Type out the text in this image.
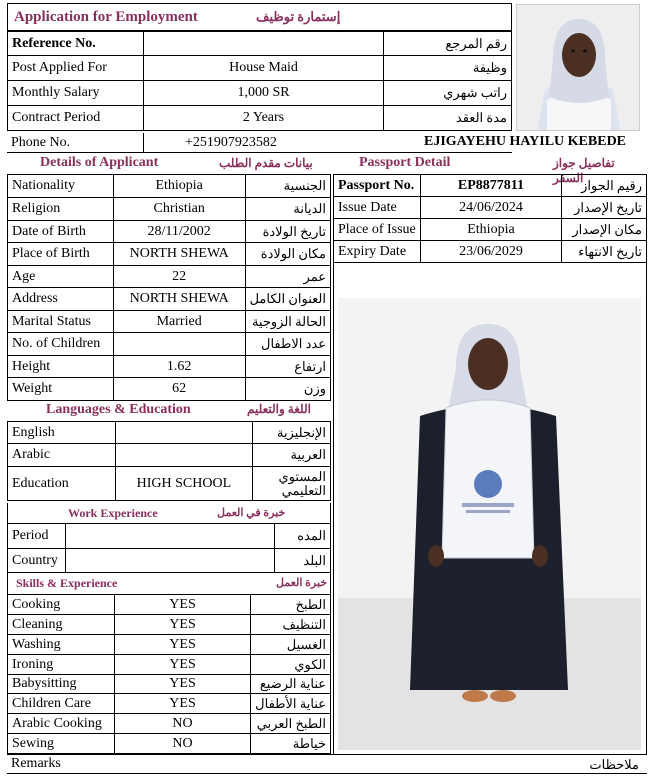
Application for Employment	إستمارة توظيف
Reference No.		رقم المرجع
Post Applied For	House Maid	وظيفة
Monthly Salary	1,000 SR	راتب شهري
Contract Period	2 Years	مدة العقد
Phone No.	+251907923582	EJIGAYEHU HAYILU KEBEDE
Details of Applicant	بيانات مقدم الطلب
Nationality	Ethiopia	الجنسية
Religion	Christian	الديانة
Date of Birth	28/11/2002	تاريخ الولادة
Place of Birth	NORTH SHEWA	مكان الولادة
Age	22	عمر
Address	NORTH SHEWA	العنوان الكامل
Marital Status	Married	الحالة الزوجية
No. of Children		عدد الاطفال
Height	1.62	ارتفاع
Weight	62	وزن
Languages & Education	اللغة والتعليم
English		الإنجليزية
Arabic		العربية
Education	HIGH SCHOOL	المستوي التعليمي
Work Experience	خبرة في العمل
Period		المده
Country		البلد
Skills & Experience	خبرة العمل
Cooking	YES	الطبخ
Cleaning	YES	التنظيف
Washing	YES	الغسيل
Ironing	YES	الكوي
Babysitting	YES	عناية الرضيع
Children Care	YES	عناية الأطفال
Arabic Cooking	NO	الطبخ العربي
Sewing	NO	خياطة
Passport Detail	تفاصيل جواز السفر
Passport No.	EP8877811	رقيم الجواز
Issue Date	24/06/2024	تاريخ الإصدار
Place of Issue	Ethiopia	مكان الإصدار
Expiry Date	23/06/2029	تاريخ الانتهاء
Remarks	ملاحظات
